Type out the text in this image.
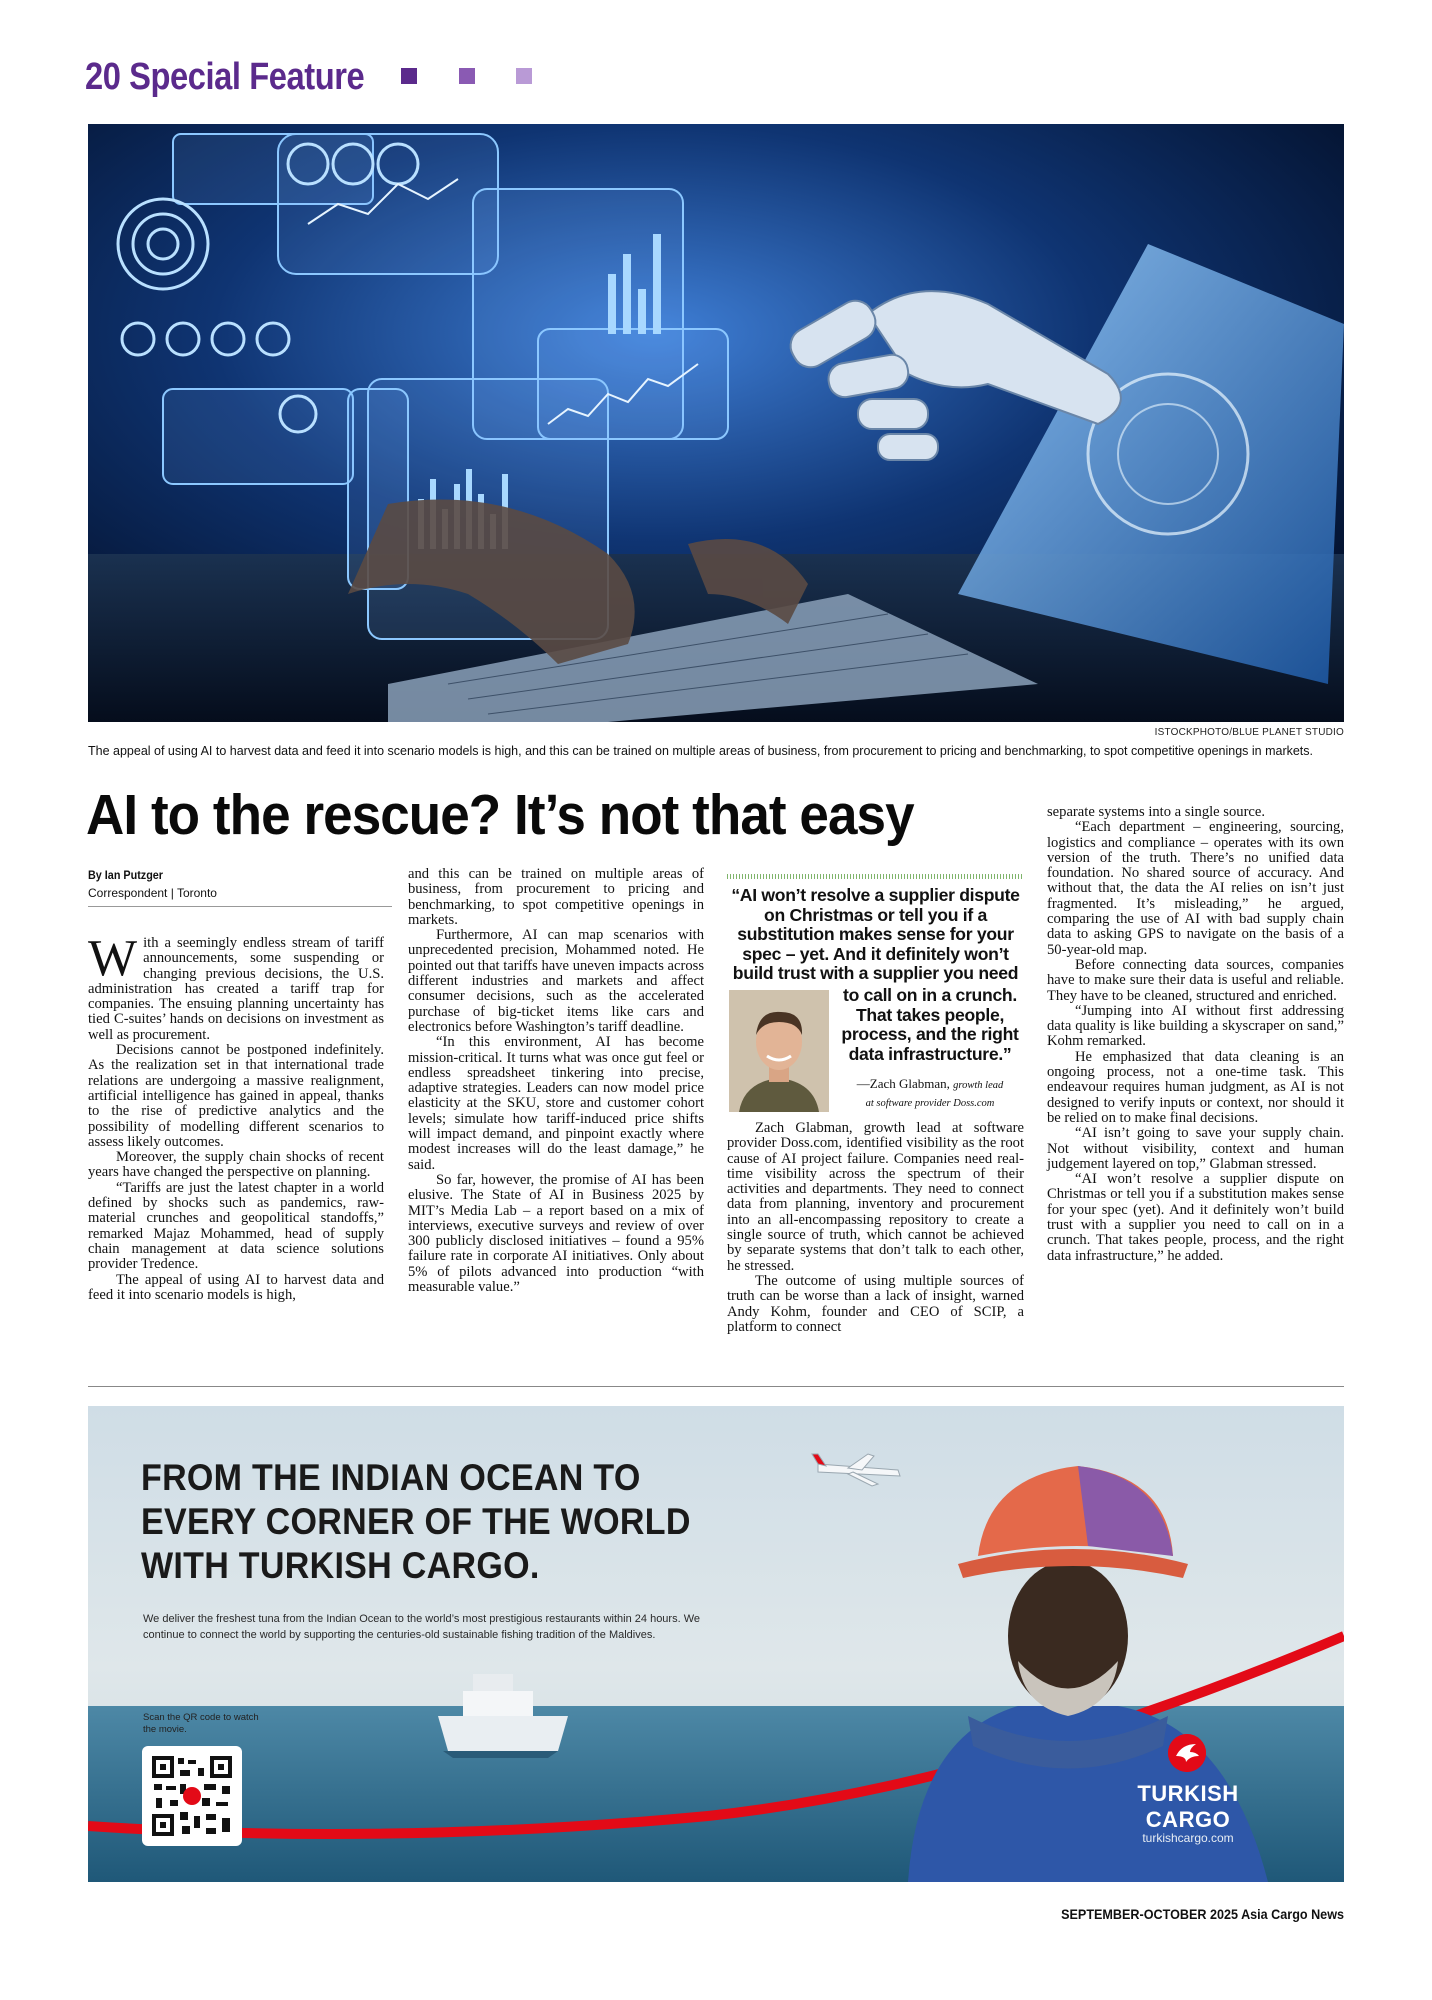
20 Special Feature
ISTOCKPHOTO/BLUE PLANET STUDIO
The appeal of using AI to harvest data and feed it into scenario models is high, and this can be trained on multiple areas of business, from procurement to pricing and benchmarking, to spot competitive openings in markets.
AI to the rescue? It’s not that easy
By Ian Putzger
Correspondent | Toronto

With a seemingly endless stream of tariff announcements, some suspending or changing previous decisions, the U.S. administration has created a tariff trap for companies. The ensuing planning uncertainty has tied C-suites’ hands on decisions on investment as well as procurement.

Decisions cannot be postponed indefinitely. As the realization set in that international trade relations are undergoing a massive realignment, artificial intelligence has gained in appeal, thanks to the rise of predictive analytics and the possibility of modelling different scenarios to assess likely outcomes.

Moreover, the supply chain shocks of recent years have changed the perspective on planning.

“Tariffs are just the latest chapter in a world defined by shocks such as pandemics, raw-material crunches and geopolitical standoffs,” remarked Majaz Mohammed, head of supply chain management at data science solutions provider Tredence.

The appeal of using AI to harvest data and feed it into scenario models is high,

and this can be trained on multiple areas of business, from procurement to pricing and benchmarking, to spot competitive openings in markets.

Furthermore, AI can map scenarios with unprecedented precision, Mohammed noted. He pointed out that tariffs have uneven impacts across different industries and markets and affect consumer decisions, such as the accelerated purchase of big-ticket items like cars and electronics before Washington’s tariff deadline.

“In this environment, AI has become mission-critical. It turns what was once gut feel or endless spreadsheet tinkering into precise, adaptive strategies. Leaders can now model price elasticity at the SKU, store and customer cohort levels; simulate how tariff-induced price shifts will impact demand, and pinpoint exactly where modest increases will do the least damage,” he said.

So far, however, the promise of AI has been elusive. The State of AI in Business 2025 by MIT’s Media Lab – a report based on a mix of interviews, executive surveys and review of over 300 publicly disclosed initiatives – found a 95% failure rate in corporate AI initiatives. Only about 5% of pilots advanced into production “with measurable value.”

“AI won’t resolve a supplier dispute on Christmas or tell you if a substitution makes sense for your spec – yet. And it definitely won’t build trust with a supplier you need
to call on in a crunch. That takes people, process, and the right data infrastructure.”
—Zach Glabman, growth lead
at software provider Doss.com

Zach Glabman, growth lead at software provider Doss.com, identified visibility as the root cause of AI project failure. Companies need real-time visibility across the spectrum of their activities and departments. They need to connect data from planning, inventory and procurement into an all-encompassing repository to create a single source of truth, which cannot be achieved by separate systems that don’t talk to each other, he stressed.

The outcome of using multiple sources of truth can be worse than a lack of insight, warned Andy Kohm, founder and CEO of SCIP, a platform to connect

separate systems into a single source.

“Each department – engineering, sourcing, logistics and compliance – operates with its own version of the truth. There’s no unified data foundation. No shared source of accuracy. And without that, the data the AI relies on isn’t just fragmented. It’s misleading,” he argued, comparing the use of AI with bad supply chain data to asking GPS to navigate on the basis of a 50-year-old map.

Before connecting data sources, companies have to make sure their data is useful and reliable. They have to be cleaned, structured and enriched.

“Jumping into AI without first addressing data quality is like building a skyscraper on sand,” Kohm remarked.

He emphasized that data cleaning is an ongoing process, not a one-time task. This endeavour requires human judgment, as AI is not designed to verify inputs or context, nor should it be relied on to make final decisions.

“AI isn’t going to save your supply chain. Not without visibility, context and human judgement layered on top,” Glabman stressed.

“AI won’t resolve a supplier dispute on Christmas or tell you if a substitution makes sense for your spec (yet). And it definitely won’t build trust with a supplier you need to call on in a crunch. That takes people, process, and the right data infrastructure,” he added.

FROM THE INDIAN OCEAN TO
EVERY CORNER OF THE WORLD
WITH TURKISH CARGO.
We deliver the freshest tuna from the Indian Ocean to the world’s most prestigious restaurants within 24 hours. We continue to connect the world by supporting the centuries-old sustainable fishing tradition of the Maldives.
Scan the QR code to watch the movie.
TURKISH CARGO
turkishcargo.com
SEPTEMBER-OCTOBER 2025 Asia Cargo News
